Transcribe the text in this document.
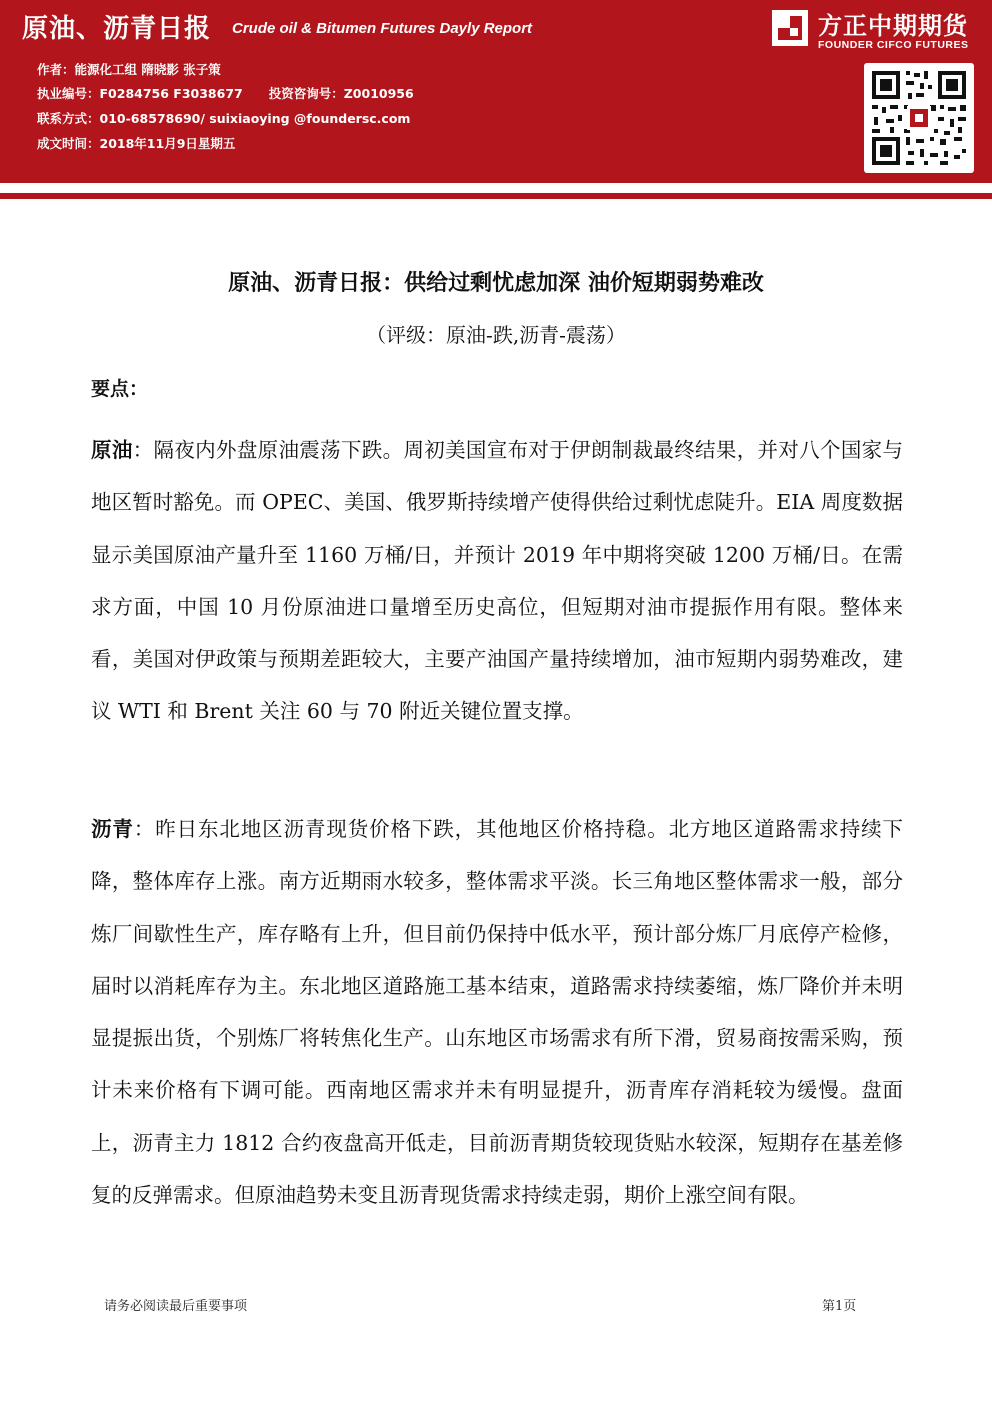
原油、沥青日报 Crude oil & Bitumen Futures Dayly Report	方正中期期货
FOUNDER CIFCO FUTURES
作者：能源化工组 隋晓影 张子策
执业编号：F0284756 F3038677 投资咨询号：Z0010956
联系方式：010-68578690/ suixiaoying @foundersc.com
成文时间：2018年11月9日星期五
原油、沥青日报：供给过剩忧虑加深 油价短期弱势难改
（评级：原油-跌,沥青-震荡）
要点：
原油：隔夜内外盘原油震荡下跌。周初美国宣布对于伊朗制裁最终结果，并对八个国家与地区暂时豁免。而 OPEC、美国、俄罗斯持续增产使得供给过剩忧虑陡升。EIA 周度数据显示美国原油产量升至 1160 万桶/日，并预计 2019 年中期将突破 1200 万桶/日。在需求方面，中国 10 月份原油进口量增至历史高位，但短期对油市提振作用有限。整体来看，美国对伊政策与预期差距较大，主要产油国产量持续增加，油市短期内弱势难改，建议 WTI 和 Brent 关注 60 与 70 附近关键位置支撑。
沥青：昨日东北地区沥青现货价格下跌，其他地区价格持稳。北方地区道路需求持续下降，整体库存上涨。南方近期雨水较多，整体需求平淡。长三角地区整体需求一般，部分炼厂间歇性生产，库存略有上升，但目前仍保持中低水平，预计部分炼厂月底停产检修，届时以消耗库存为主。东北地区道路施工基本结束，道路需求持续萎缩，炼厂降价并未明显提振出货，个别炼厂将转焦化生产。山东地区市场需求有所下滑，贸易商按需采购，预计未来价格有下调可能。西南地区需求并未有明显提升，沥青库存消耗较为缓慢。盘面上，沥青主力 1812 合约夜盘高开低走，目前沥青期货较现货贴水较深，短期存在基差修复的反弹需求。但原油趋势未变且沥青现货需求持续走弱，期价上涨空间有限。
请务必阅读最后重要事项	第1页
